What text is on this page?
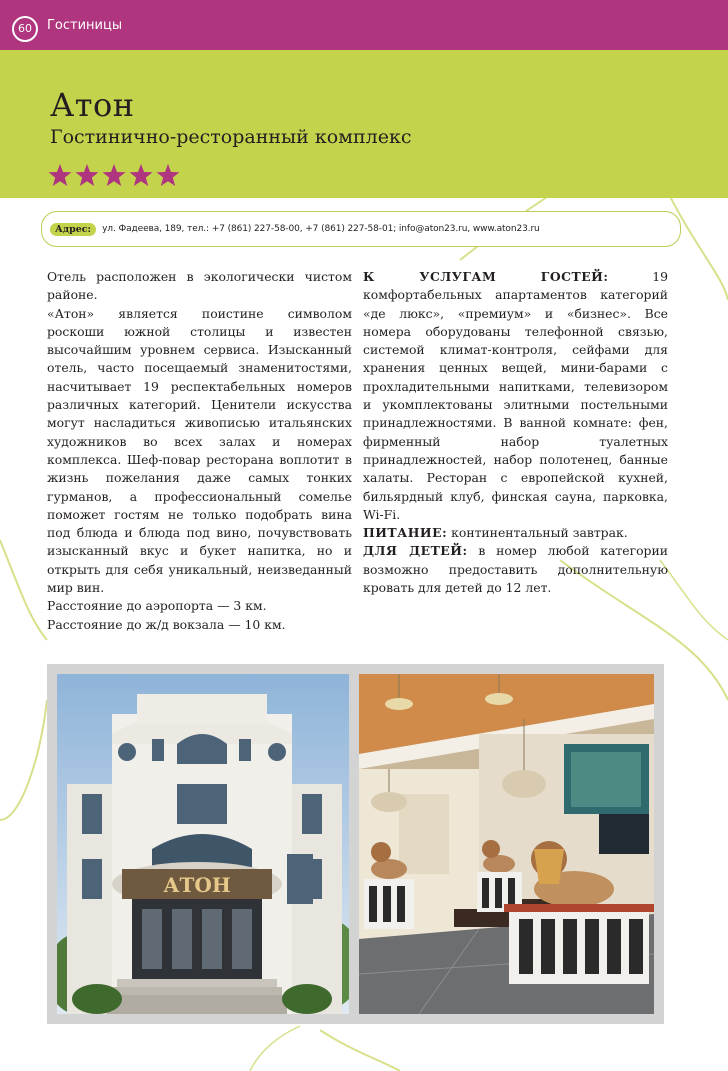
60	Гостиницы
Атон
Гостинично-ресторанный комплекс
Адрес:	ул. Фадеева, 189, тел.: +7 (861) 227-58-00, +7 (861) 227-58-01; info@aton23.ru, www.aton23.ru

Отель расположен в экологически чистом районе.

«Атон» является поистине символом роскоши южной столицы и известен высочайшим уровнем сервиса. Изысканный отель, часто посещаемый знаменитостями, насчитывает 19 респектабельных номеров различных категорий. Ценители искусства могут насладиться живописью итальянских художников во всех залах и номерах комплекса. Шеф-повар ресторана воплотит в жизнь пожелания даже самых тонких гурманов, а профессиональный сомелье поможет гостям не только подобрать вина под блюда и блюда под вино, почувствовать изысканный вкус и букет напитка, но и открыть для себя уникальный, неизведанный мир вин.

Расстояние до аэропорта — 3 км.

Расстояние до ж/д вокзала — 10 км.

К УСЛУГАМ ГОСТЕЙ:	19 комфортабельных апартаментов категорий «де люкс», «премиум» и «бизнес». Все номера оборудованы телефонной связью, системой климат-контроля, сейфами для хранения ценных вещей, мини-барами с прохладительными напитками, телевизором и укомплектованы элитными постельными принадлежностями. В ванной комнате: фен, фирменный набор туалетных принадлежностей, набор полотенец, банные халаты. Ресторан с европейской кухней, бильярдный клуб, финская сауна, парковка, Wi-Fi.

ПИТАНИЕ: континентальный завтрак.

ДЛЯ ДЕТЕЙ: в номер любой категории возможно предоставить дополнительную кровать для детей до 12 лет.

АТОН
